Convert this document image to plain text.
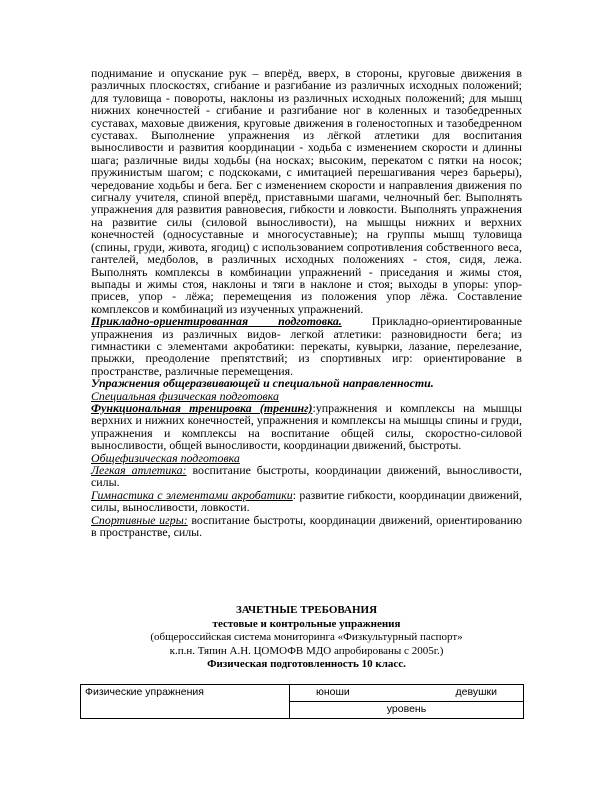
поднимание и опускание рук – вперёд, вверх, в стороны, круговые движения в различных плоскостях, сгибание и разгибание из различных исходных положений; для туловища - повороты, наклоны из различных исходных положений; для мышц нижних конечностей - сгибание и разгибание ног в коленных и тазобедренных суставах, маховые движения, круговые движения в голеностопных и тазобедренном суставах. Выполнение упражнения из лёгкой атлетики для воспитания выносливости и развития координации - ходьба с изменением скорости и длинны шага; различные виды ходьбы (на носках; высоким, перекатом с пятки на носок; пружинистым шагом; с подскоками, с имитацией перешагивания через барьеры), чередование ходьбы и бега. Бег с изменением скорости и направления движения по сигналу учителя, спиной вперёд, приставными шагами, челночный бег. Выполнять упражнения для развития равновесия, гибкости и ловкости. Выполнять упражнения на развитие силы (силовой выносливости), на мышцы нижних и верхних конечностей (односуставные и многосуставные); на группы мышц туловища (спины, груди, живота, ягодиц) с использованием сопротивления собственного веса, гантелей, медболов, в различных исходных положениях - стоя, сидя, лежа. Выполнять комплексы в комбинации упражнений - приседания и жимы стоя, выпады и жимы стоя, наклоны и тяги в наклоне и стоя; выходы в упоры: упор-присев, упор - лёжа; перемещения из положения упор лёжа. Составление комплексов и комбинаций из изученных упражнений.

Прикладно-ориентированная подготовка. Прикладно-ориентированные упражнения из различных видов- легкой атлетики: разновидности бега; из гимнастики с элементами акробатики: перекаты, кувырки, лазание, перелезание, прыжки, преодоление препятствий; из спортивных игр: ориентирование в пространстве, различные перемещения.

Упражнения общеразвивающей и специальной направленности.

Специальная физическая подготовка

Функциональная тренировка (тренинг):упражнения и комплексы на мышцы верхних и нижних конечностей, упражнения и комплексы на мышцы спины и груди, упражнения и комплексы на воспитание общей силы, скоростно-силовой выносливости, общей выносливости, координации движений, быстроты.

Общефизическая подготовка

Легкая атлетика: воспитание быстроты, координации движений, выносливости, силы.

Гимнастика с элементами акробатики: развитие гибкости, координации движений, силы, выносливости, ловкости.

Спортивные игры: воспитание быстроты, координации движений, ориентированию в пространстве, силы.

ЗАЧЕТНЫЕ ТРЕБОВАНИЯ

тестовые и контрольные упражнения

(общероссийская система мониторинга «Физкультурный паспорт»

к.п.н. Тяпин А.Н. ЦОМОФВ МДО апробированы с 2005г.)

Физическая подготовленность 10 класс.

Физические упражнения	юноши	девушки

уровень
